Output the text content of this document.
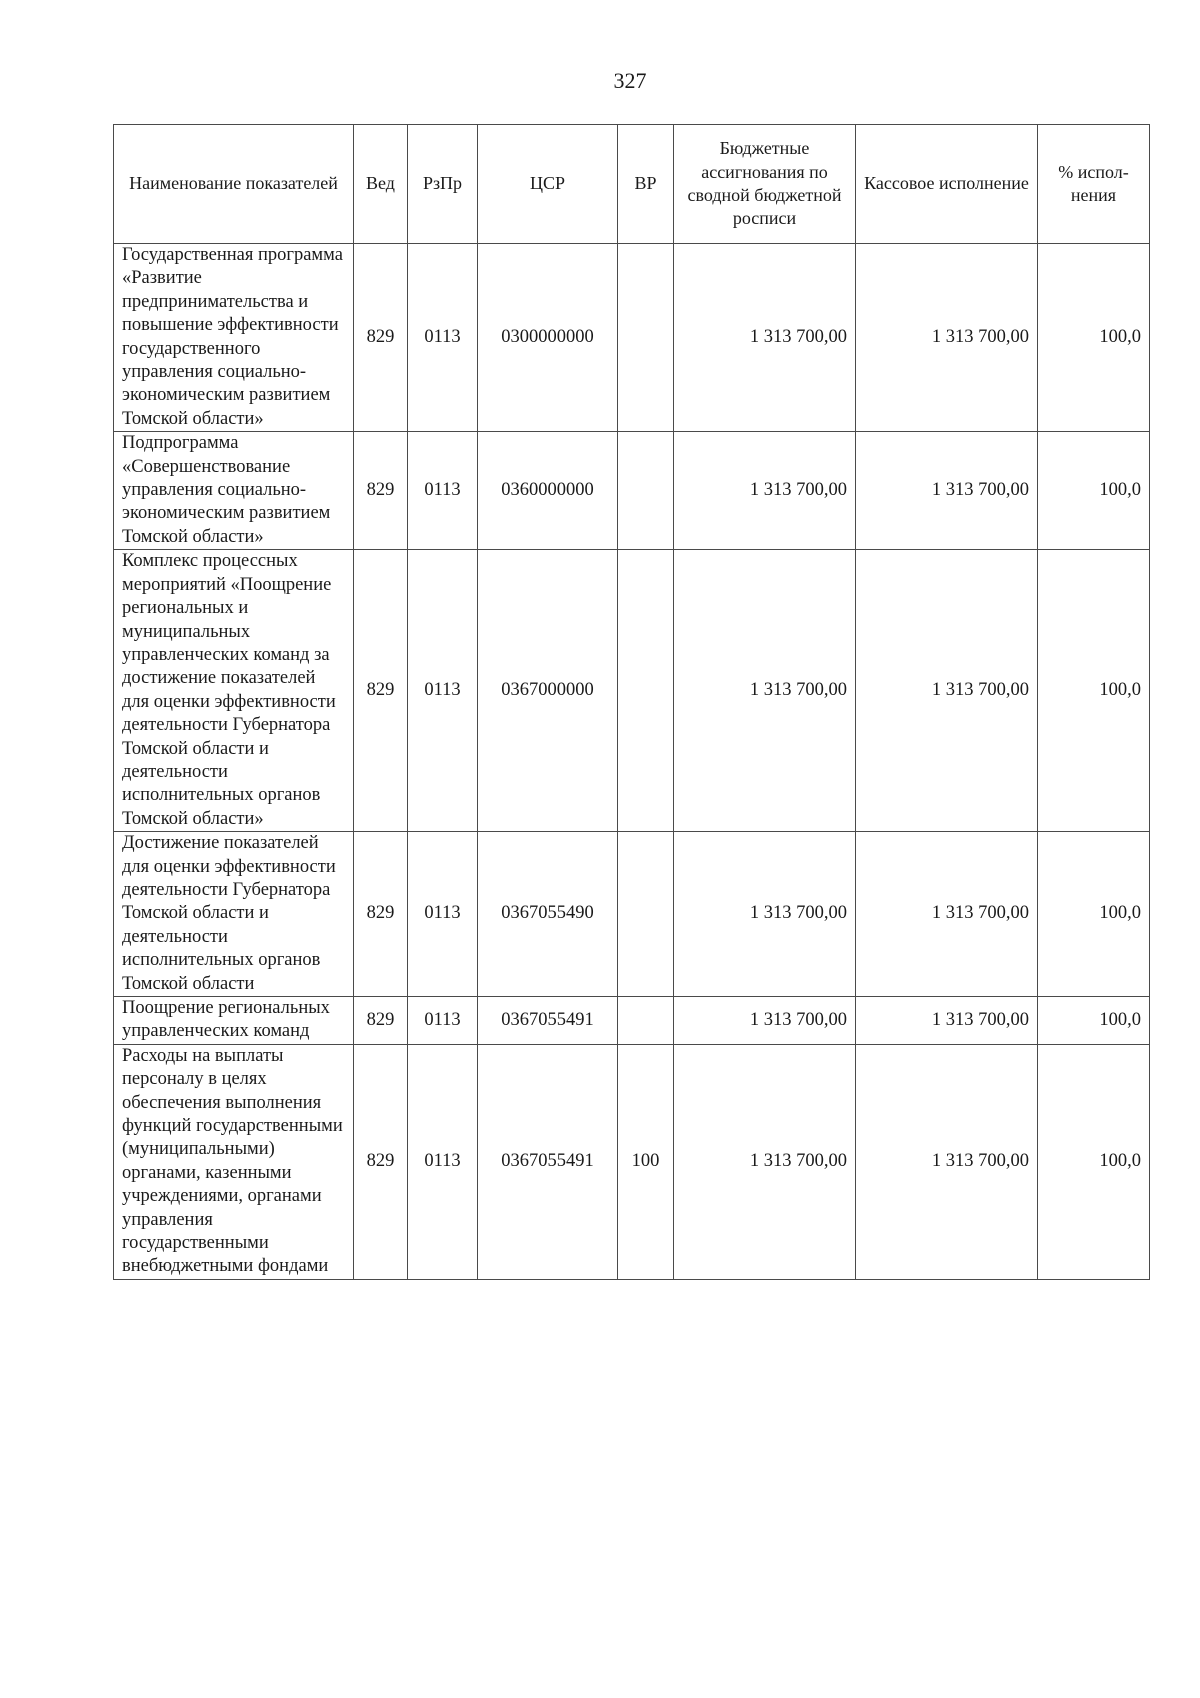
327
Наименование показателей	Вед	РзПр	ЦСР	ВР	Бюджетные ассигнования по сводной бюджетной росписи	Кассовое исполнение	% испол-нения
Государственная программа «Развитие предпринимательства и повышение эффективности государственного управления социально-экономическим развитием Томской области»	829	0113	0300000000		1 313 700,00	1 313 700,00	100,0
Подпрограмма «Совершенствование управления социально-экономическим развитием Томской области»	829	0113	0360000000		1 313 700,00	1 313 700,00	100,0
Комплекс процессных мероприятий «Поощрение региональных и муниципальных управленческих команд за достижение показателей для оценки эффективности деятельности Губернатора Томской области и деятельности исполнительных органов Томской области»	829	0113	0367000000		1 313 700,00	1 313 700,00	100,0
Достижение показателей для оценки эффективности деятельности Губернатора Томской области и деятельности исполнительных органов Томской области	829	0113	0367055490		1 313 700,00	1 313 700,00	100,0
Поощрение региональных управленческих команд	829	0113	0367055491		1 313 700,00	1 313 700,00	100,0
Расходы на выплаты персоналу в целях обеспечения выполнения функций государственными (муниципальными) органами, казенными учреждениями, органами управления государственными внебюджетными фондами	829	0113	0367055491	100	1 313 700,00	1 313 700,00	100,0
